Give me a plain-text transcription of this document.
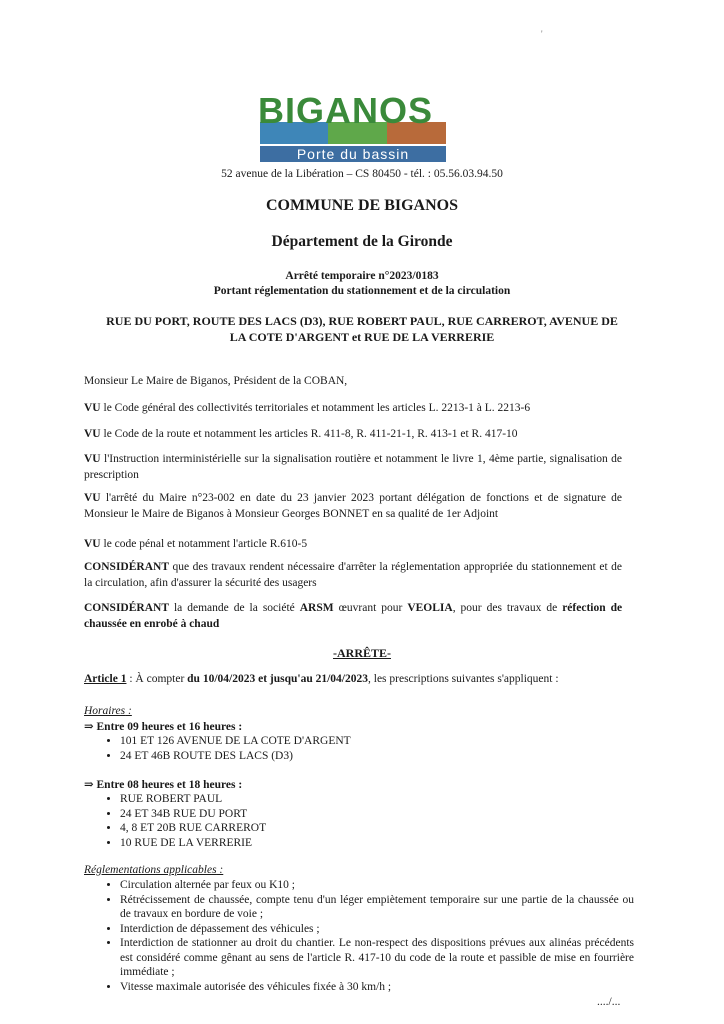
'
BIGANOS
Porte du bassin
52 avenue de la Libération – CS 80450 - tél. : 05.56.03.94.50
COMMUNE DE BIGANOS
Département de la Gironde
Arrêté temporaire n°2023/0183
Portant réglementation du stationnement et de la circulation
RUE DU PORT, ROUTE DES LACS (D3), RUE ROBERT PAUL, RUE CARREROT, AVENUE DE
LA COTE D'ARGENT et RUE DE LA VERRERIE
Monsieur Le Maire de Biganos, Président de la COBAN,
VU le Code général des collectivités territoriales et notamment les articles L. 2213-1 à L. 2213-6
VU le Code de la route et notamment les articles R. 411-8, R. 411-21-1, R. 413-1 et R. 417-10
VU l'Instruction interministérielle sur la signalisation routière et notamment le livre 1, 4ème partie, signalisation de prescription
VU l'arrêté du Maire n°23-002 en date du 23 janvier 2023 portant délégation de fonctions et de signature de Monsieur le Maire de Biganos à Monsieur Georges BONNET en sa qualité de 1er Adjoint
VU le code pénal et notamment l'article R.610-5
CONSIDÉRANT que des travaux rendent nécessaire d'arrêter la réglementation appropriée du stationnement et de la circulation, afin d'assurer la sécurité des usagers
CONSIDÉRANT la demande de la société ARSM œuvrant pour VEOLIA, pour des travaux de réfection de chaussée en enrobé à chaud
-ARRÊTE-
Article 1 : À compter du 10/04/2023 et jusqu'au 21/04/2023, les prescriptions suivantes s'appliquent :
Horaires :
⇒ Entre 09 heures et 16 heures :
• 101 ET 126 AVENUE DE LA COTE D'ARGENT
• 24 ET 46B ROUTE DES LACS (D3)
⇒ Entre 08 heures et 18 heures :
• RUE ROBERT PAUL
• 24 ET 34B RUE DU PORT
• 4, 8 ET 20B RUE CARREROT
• 10 RUE DE LA VERRERIE
Réglementations applicables :
• Circulation alternée par feux ou K10 ;
• Rétrécissement de chaussée, compte tenu d'un léger empiètement temporaire sur une partie de la chaussée ou de travaux en bordure de voie ;
• Interdiction de dépassement des véhicules ;
• Interdiction de stationner au droit du chantier. Le non-respect des dispositions prévues aux alinéas précédents est considéré comme gênant au sens de l'article R. 417-10 du code de la route et passible de mise en fourrière immédiate ;
• Vitesse maximale autorisée des véhicules fixée à 30 km/h ;
..../...
